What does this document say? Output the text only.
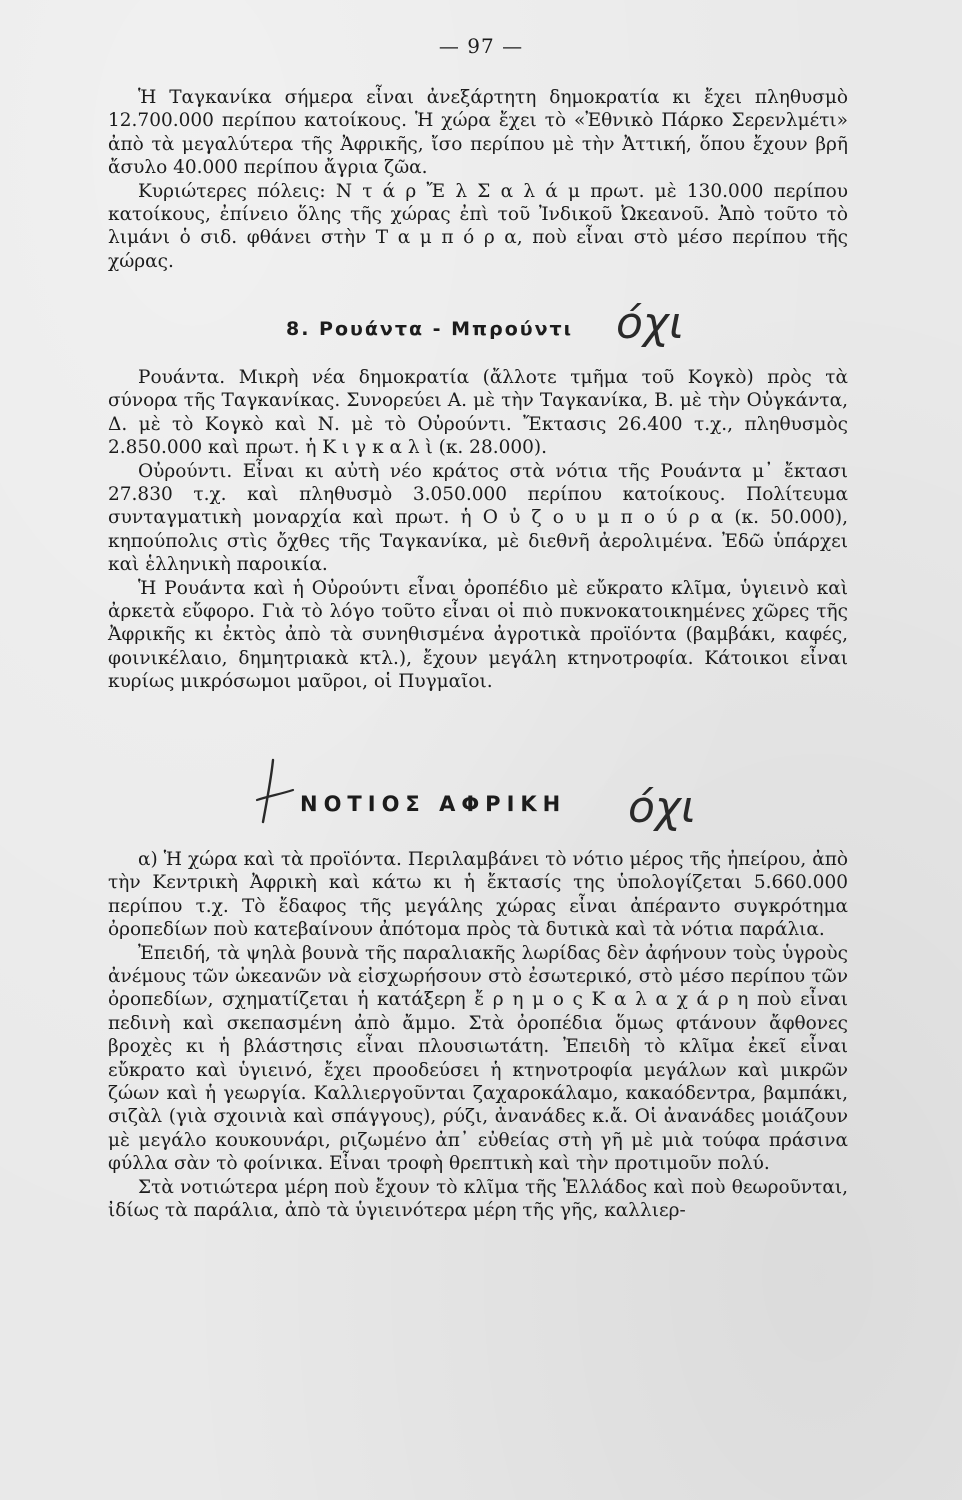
— 97 —

Ἡ Ταγκανίκα σήμερα εἶναι ἀνεξάρτητη δημοκρατία κι ἔχει πληθυσμὸ 12.700.000 περίπου κατοίκους. Ἡ χώρα ἔχει τὸ «Ἐθνικὸ Πάρκο Σερενλμέτι» ἀπὸ τὰ μεγαλύτερα τῆς Ἀφρικῆς, ἴσο περίπου μὲ τὴν Ἀττική, ὅπου ἔχουν βρῆ ἄσυλο 40.000 περίπου ἄγρια ζῶα.

Κυριώτερες πόλεις: Ν τ ά ρ Ἔ λ Σ α λ ά μ πρωτ. μὲ 130.000 περίπου κατοίκους, ἐπίνειο ὅλης τῆς χώρας ἐπὶ τοῦ Ἰνδικοῦ Ὠκεανοῦ. Ἀπὸ τοῦτο τὸ λιμάνι ὁ σιδ. φθάνει στὴν Τ α μ π ό ρ α, ποὺ εἶναι στὸ μέσο περίπου τῆς χώρας.

8. Ρουάντα - Μπρούντι όχι

Ρουάντα. Μικρὴ νέα δημοκρατία (ἄλλοτε τμῆμα τοῦ Κογκὸ) πρὸς τὰ σύνορα τῆς Ταγκανίκας. Συνορεύει Α. μὲ τὴν Ταγκανίκα, Β. μὲ τὴν Οὐγκάντα, Δ. μὲ τὸ Κογκὸ καὶ Ν. μὲ τὸ Οὐρούντι. Ἔκτασις 26.400 τ.χ., πληθυσμὸς 2.850.000 καὶ πρωτ. ἡ Κ ι γ κ α λ ὶ (κ. 28.000).

Οὐρούντι. Εἶναι κι αὐτὴ νέο κράτος στὰ νότια τῆς Ρουάντα μ᾿ ἔκτασι 27.830 τ.χ. καὶ πληθυσμὸ 3.050.000 περίπου κατοίκους. Πολίτευμα συνταγματικὴ μοναρχία καὶ πρωτ. ἡ Ο ὐ ζ ο υ μ π ο ύ ρ α (κ. 50.000), κηπούπολις στὶς ὄχθες τῆς Ταγκανίκα, μὲ διεθνῆ ἀερολιμένα. Ἐδῶ ὑπάρχει καὶ ἑλληνικὴ παροικία.

Ἡ Ρουάντα καὶ ἡ Οὐρούντι εἶναι ὀροπέδιο μὲ εὔκρατο κλῖμα, ὑγιεινὸ καὶ ἀρκετὰ εὔφορο. Γιὰ τὸ λόγο τοῦτο εἶναι οἱ πιὸ πυκνοκατοικημένες χῶρες τῆς Ἀφρικῆς κι ἐκτὸς ἀπὸ τὰ συνηθισμένα ἀγροτικὰ προϊόντα (βαμβάκι, καφές, φοινικέλαιο, δημητριακὰ κτλ.), ἔχουν μεγάλη κτηνοτροφία. Κάτοικοι εἶναι κυρίως μικρόσωμοι μαῦροι, οἱ Πυγμαῖοι.

ΝΟΤΙΟΣ ΑΦΡΙΚΗ όχι

α) Ἡ χώρα καὶ τὰ προϊόντα. Περιλαμβάνει τὸ νότιο μέρος τῆς ἠπείρου, ἀπὸ τὴν Κεντρικὴ Ἀφρικὴ καὶ κάτω κι ἡ ἔκτασίς της ὑπολογίζεται 5.660.000 περίπου τ.χ. Τὸ ἔδαφος τῆς μεγάλης χώρας εἶναι ἀπέραντο συγκρότημα ὀροπεδίων ποὺ κατεβαίνουν ἀπότομα πρὸς τὰ δυτικὰ καὶ τὰ νότια παράλια.

Ἐπειδή, τὰ ψηλὰ βουνὰ τῆς παραλιακῆς λωρίδας δὲν ἀφήνουν τοὺς ὑγροὺς ἀνέμους τῶν ὠκεανῶν νὰ εἰσχωρήσουν στὸ ἐσωτερικό, στὸ μέσο περίπου τῶν ὀροπεδίων, σχηματίζεται ἡ κατάξερη ἔ ρ η μ ο ς Κ α λ α χ ά ρ η ποὺ εἶναι πεδινὴ καὶ σκεπασμένη ἀπὸ ἄμμο. Στὰ ὀροπέδια ὅμως φτάνουν ἄφθονες βροχὲς κι ἡ βλάστησις εἶναι πλουσιωτάτη. Ἐπειδὴ τὸ κλῖμα ἐκεῖ εἶναι εὔκρατο καὶ ὑγιεινό, ἔχει προοδεύσει ἡ κτηνοτροφία μεγάλων καὶ μικρῶν ζώων καὶ ἡ γεωργία. Καλλιεργοῦνται ζαχαροκάλαμο, κακαόδεντρα, βαμπάκι, σιζὰλ (γιὰ σχοινιὰ καὶ σπάγγους), ρύζι, ἀνανάδες κ.ἄ. Οἱ ἀνανάδες μοιάζουν μὲ μεγάλο κουκουνάρι, ριζωμένο ἀπ᾿ εὐθείας στὴ γῆ μὲ μιὰ τούφα πράσινα φύλλα σὰν τὸ φοίνικα. Εἶναι τροφὴ θρεπτικὴ καὶ τὴν προτιμοῦν πολύ.

Στὰ νοτιώτερα μέρη ποὺ ἔχουν τὸ κλῖμα τῆς Ἑλλάδος καὶ ποὺ θεωροῦνται, ἰδίως τὰ παράλια, ἀπὸ τὰ ὑγιεινότερα μέρη τῆς γῆς, καλλιερ-
